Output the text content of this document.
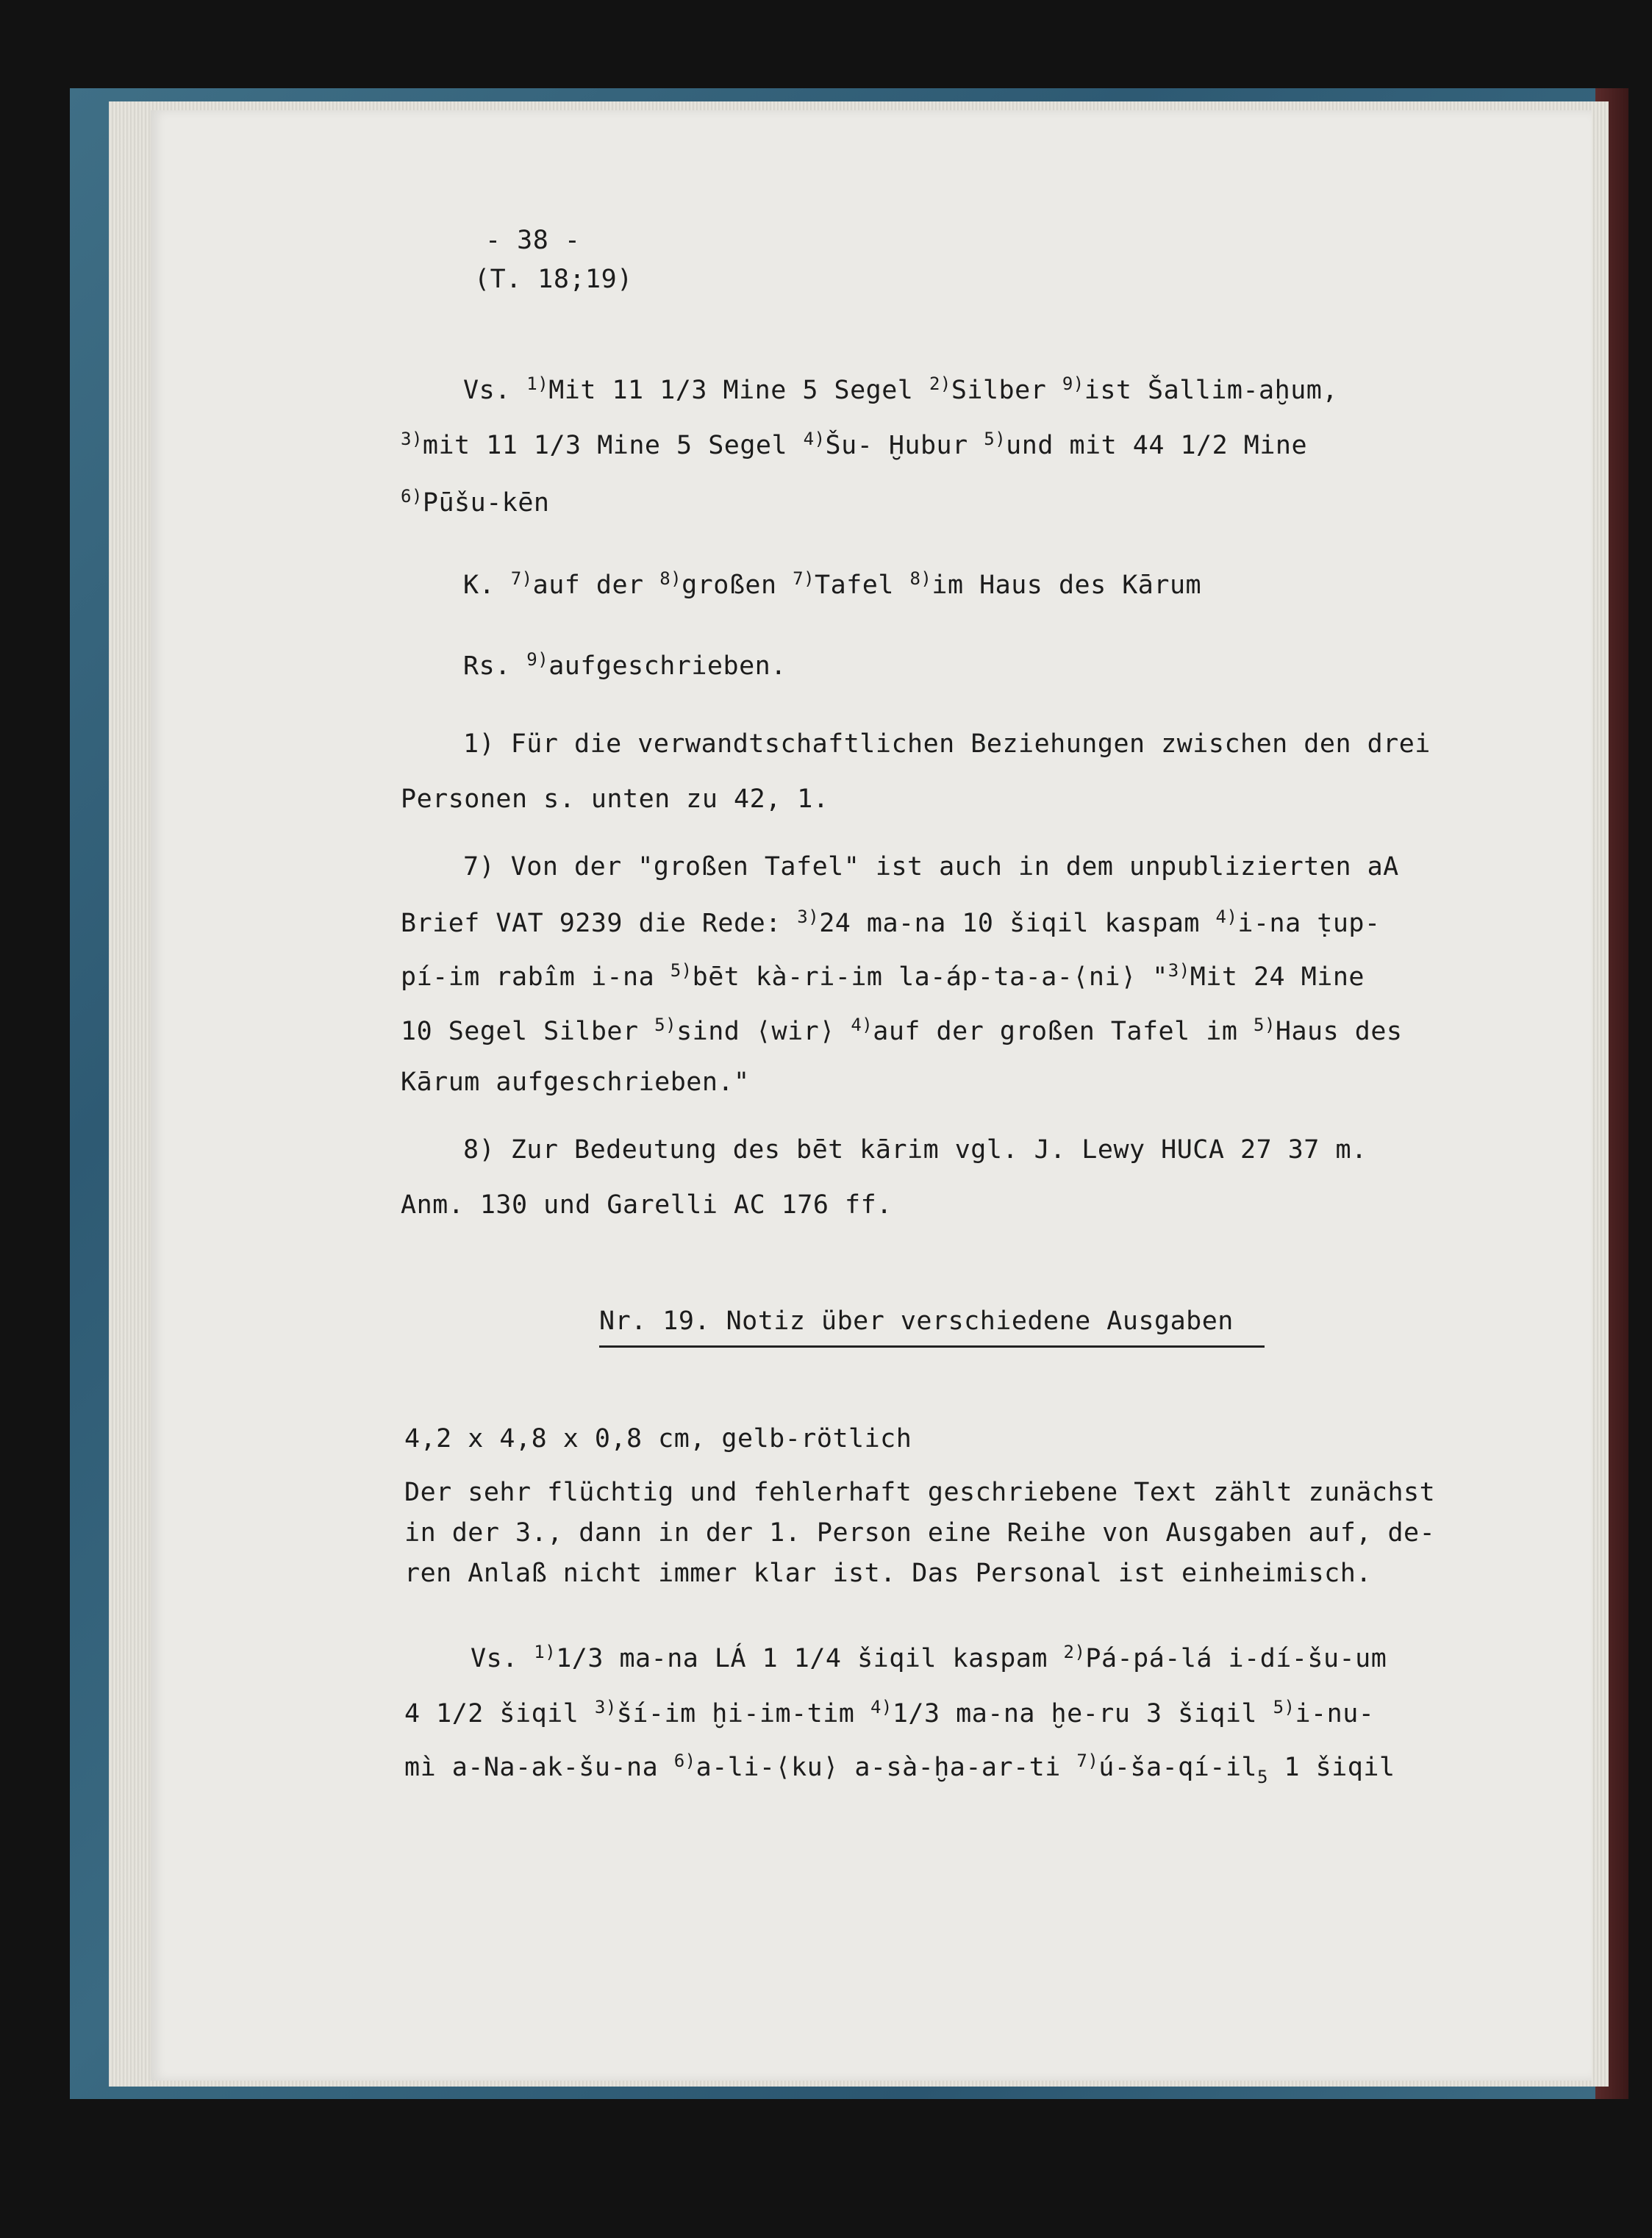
- 38 -
(T. 18;19)
Vs. $^{1)}$Mit 11 1/3 Mine 5 Segel $^{2)}$Silber $^{9)}$ist Šallim-aḫum,
$^{3)}$mit 11 1/3 Mine 5 Segel $^{4)}$Šu- Ḫubur $^{5)}$und mit 44 1/2 Mine
$^{6)}$Pūšu-kēn
K. $^{7)}$auf der $^{8)}$großen $^{7)}$Tafel $^{8)}$im Haus des Kārum
Rs. $^{9)}$aufgeschrieben.
1) Für die verwandtschaftlichen Beziehungen zwischen den drei
Personen s. unten zu 42, 1.
7) Von der "großen Tafel" ist auch in dem unpublizierten aA
Brief VAT 9239 die Rede: $^{3)}$24 ma-na 10 šiqil kaspam $^{4)}$i-na ṭup-
pí-im rabîm i-na $^{5)}$bēt kà-ri-im la-áp-ta-a-⟨ni⟩ "$^{3)}$Mit 24 Mine
10 Segel Silber $^{5)}$sind ⟨wir⟩ $^{4)}$auf der großen Tafel im $^{5)}$Haus des
Kārum aufgeschrieben."
8) Zur Bedeutung des bēt kārim vgl. J. Lewy HUCA 27 37 m.
Anm. 130 und Garelli AC 176 ff.
Nr. 19. Notiz über verschiedene Ausgaben
4,2 x 4,8 x 0,8 cm, gelb-rötlich
Der sehr flüchtig und fehlerhaft geschriebene Text zählt zunächst
in der 3., dann in der 1. Person eine Reihe von Ausgaben auf, de-
ren Anlaß nicht immer klar ist. Das Personal ist einheimisch.
Vs. $^{1)}$1/3 ma-na LÁ 1 1/4 šiqil kaspam $^{2)}$Pá-pá-lá i-dí-šu-um
4 1/2 šiqil $^{3)}$ší-im ḫi-im-tim $^{4)}$1/3 ma-na ḫe-ru 3 šiqil $^{5)}$i-nu-
mì a-Na-ak-šu-na $^{6)}$a-li-⟨ku⟩ a-sà-ḫa-ar-ti $^{7)}ú-ša-qí-il_5$ 1 šiqil
